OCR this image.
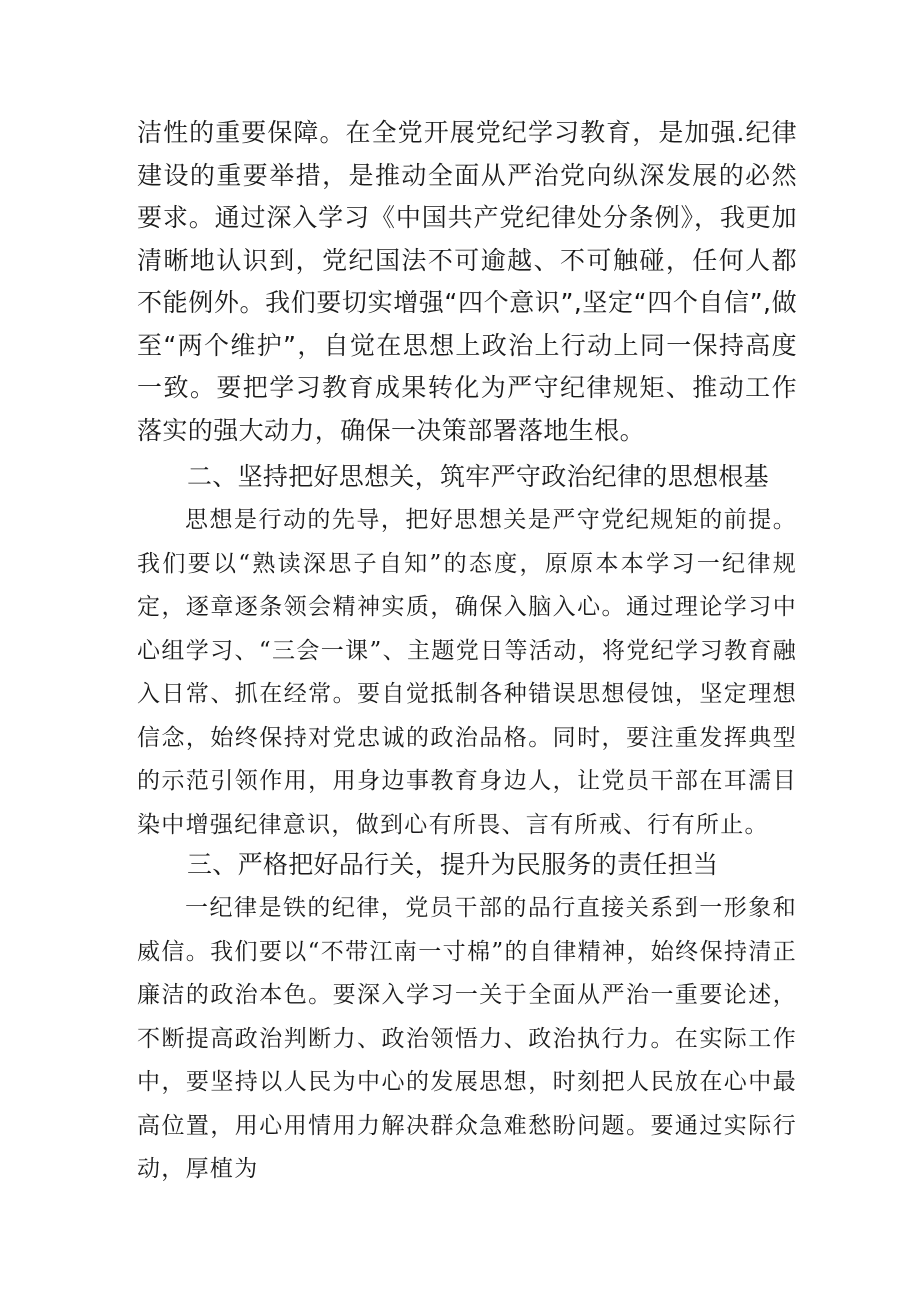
洁性的重要保障。在全党开展党纪学习教育，是加强.纪律建设的重要举措，是推动全面从严治党向纵深发展的必然要求。通过深入学习《中国共产党纪律处分条例》，我更加清晰地认识到，党纪国法不可逾越、不可触碰，任何人都不能例外。我们要切实增强“四个意识”,坚定“四个自信”,做至“两个维护”，自觉在思想上政治上行动上同一保持高度一致。要把学习教育成果转化为严守纪律规矩、推动工作落实的强大动力，确保一决策部署落地生根。

二、坚持把好思想关，筑牢严守政治纪律的思想根基

思想是行动的先导，把好思想关是严守党纪规矩的前提。我们要以“熟读深思子自知”的态度，原原本本学习一纪律规定，逐章逐条领会精神实质，确保入脑入心。通过理论学习中心组学习、“三会一课”、主题党日等活动，将党纪学习教育融入日常、抓在经常。要自觉抵制各种错误思想侵蚀，坚定理想信念，始终保持对党忠诚的政治品格。同时，要注重发挥典型的示范引领作用，用身边事教育身边人，让党员干部在耳濡目染中增强纪律意识，做到心有所畏、言有所戒、行有所止。

三、严格把好品行关，提升为民服务的责任担当

一纪律是铁的纪律，党员干部的品行直接关系到一形象和威信。我们要以“不带江南一寸棉”的自律精神，始终保持清正廉洁的政治本色。要深入学习一关于全面从严治一重要论述，不断提高政治判断力、政治领悟力、政治执行力。在实际工作中，要坚持以人民为中心的发展思想，时刻把人民放在心中最高位置，用心用情用力解决群众急难愁盼问题。要通过实际行动，厚植为
